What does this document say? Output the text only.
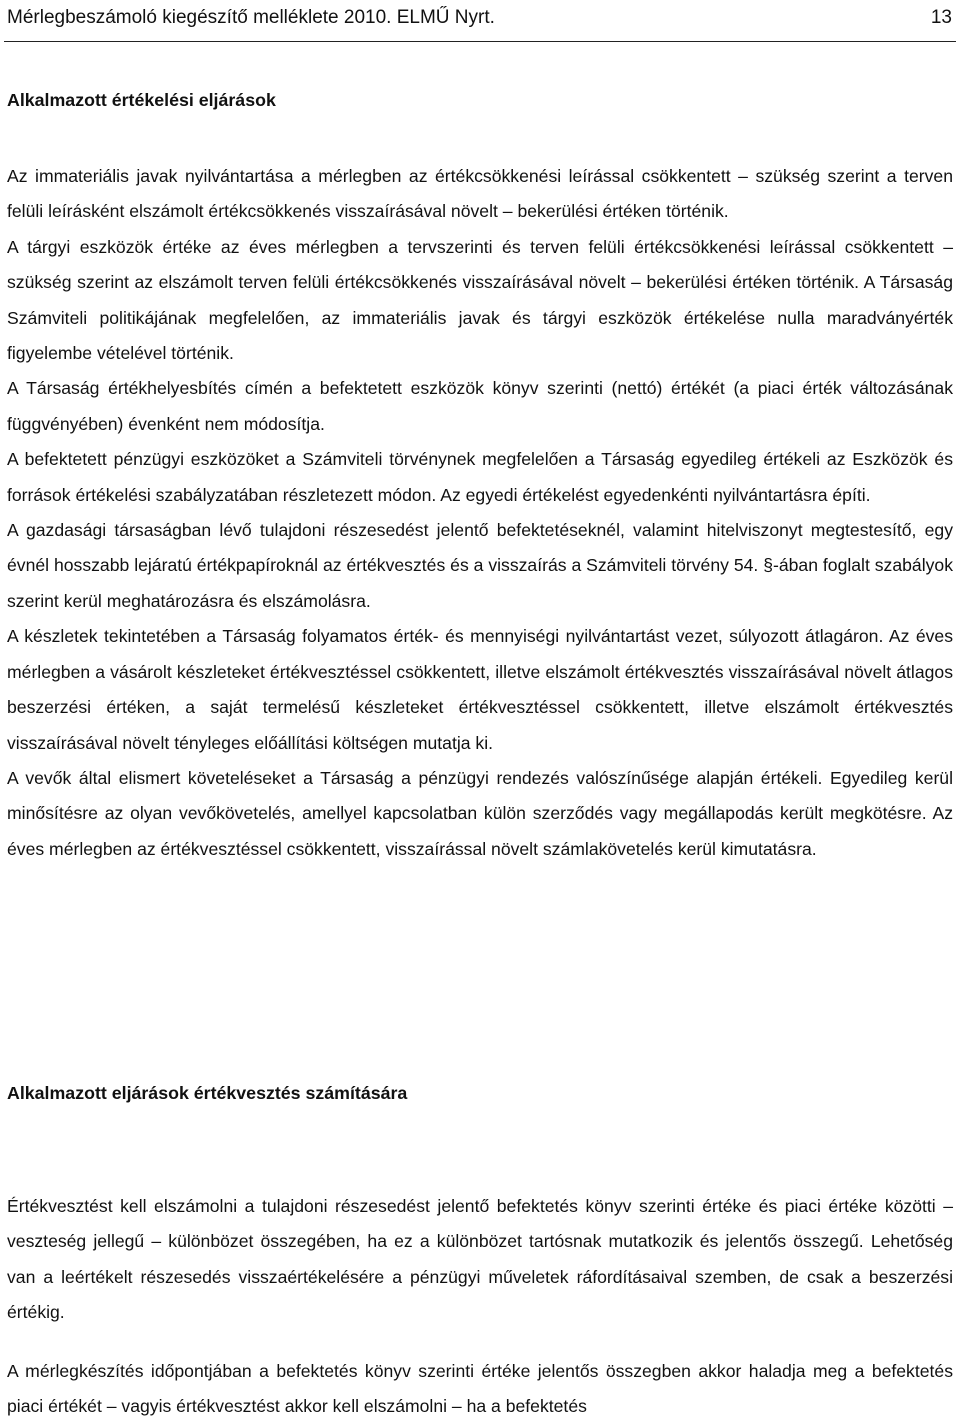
Mérlegbeszámoló kiegészítő melléklete 2010. ELMŰ Nyrt.	13
Alkalmazott értékelési eljárások

Az immateriális javak nyilvántartása a mérlegben az értékcsökkenési leírással csökkentett – szükség szerint a terven felüli leírásként elszámolt értékcsökkenés visszaírásával növelt – bekerülési értéken történik.

A tárgyi eszközök értéke az éves mérlegben a tervszerinti és terven felüli értékcsökkenési leírással csökkentett – szükség szerint az elszámolt terven felüli értékcsökkenés visszaírásával növelt – bekerülési értéken történik. A Társaság Számviteli politikájának megfelelően, az immateriális javak és tárgyi eszközök értékelése nulla maradványérték figyelembe vételével történik.

A Társaság értékhelyesbítés címén a befektetett eszközök könyv szerinti (nettó) értékét (a piaci érték változásának függvényében) évenként nem módosítja.

A befektetett pénzügyi eszközöket a Számviteli törvénynek megfelelően a Társaság egyedileg értékeli az Eszközök és források értékelési szabályzatában részletezett módon. Az egyedi értékelést egyedenkénti nyilvántartásra építi.

A gazdasági társaságban lévő tulajdoni részesedést jelentő befektetéseknél, valamint hitelviszonyt megtestesítő, egy évnél hosszabb lejáratú értékpapíroknál az értékvesztés és a visszaírás a Számviteli törvény 54. §-ában foglalt szabályok szerint kerül meghatározásra és elszámolásra.

A készletek tekintetében a Társaság folyamatos érték- és mennyiségi nyilvántartást vezet, súlyozott átlagáron. Az éves mérlegben a vásárolt készleteket értékvesztéssel csökkentett, illetve elszámolt értékvesztés visszaírásával növelt átlagos beszerzési értéken, a saját termelésű készleteket értékvesztéssel csökkentett, illetve elszámolt értékvesztés visszaírásával növelt tényleges előállítási költségen mutatja ki.

A vevők által elismert követeléseket a Társaság a pénzügyi rendezés valószínűsége alapján értékeli. Egyedileg kerül minősítésre az olyan vevőkövetelés, amellyel kapcsolatban külön szerződés vagy megállapodás került megkötésre. Az éves mérlegben az értékvesztéssel csökkentett, visszaírással növelt számlakövetelés kerül kimutatásra.

Alkalmazott eljárások értékvesztés számítására

Értékvesztést kell elszámolni a tulajdoni részesedést jelentő befektetés könyv szerinti értéke és piaci értéke közötti – veszteség jellegű – különbözet összegében, ha ez a különbözet tartósnak mutatkozik és jelentős összegű. Lehetőség van a leértékelt részesedés visszaértékelésére a pénzügyi műveletek ráfordításaival szemben, de csak a beszerzési értékig.

A mérlegkészítés időpontjában a befektetés könyv szerinti értéke jelentős összegben akkor haladja meg a befektetés piaci értékét – vagyis értékvesztést akkor kell elszámolni – ha a befektetés
